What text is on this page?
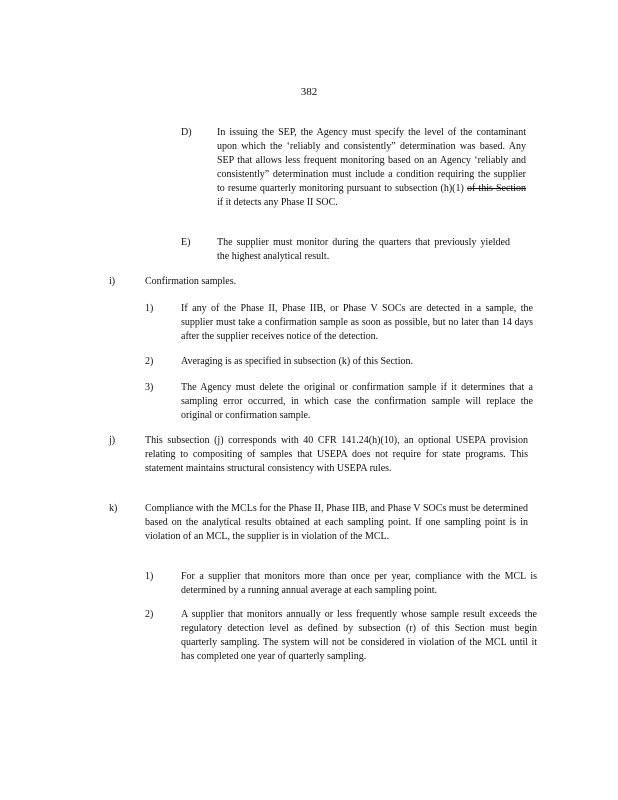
382
D)	In issuing the SEP, the Agency must specify the level of the contaminant upon which the ‘reliably and consistently” determination was based. Any SEP that allows less frequent monitoring based on an Agency ‘reliably and consistently” determination must include a condition requiring the supplier to resume quarterly monitoring pursuant to subsection (h)(1) of this Section if it detects any Phase II SOC.
E)	The supplier must monitor during the quarters that previously yielded the highest analytical result.
i)	Confirmation samples.
1)	If any of the Phase II, Phase IIB, or Phase V SOCs are detected in a sample, the supplier must take a confirmation sample as soon as possible, but no later than 14 days after the supplier receives notice of the detection.
2)	Averaging is as specified in subsection (k) of this Section.
3)	The Agency must delete the original or confirmation sample if it determines that a sampling error occurred, in which case the confirmation sample will replace the original or confirmation sample.
j)	This subsection (j) corresponds with 40 CFR 141.24(h)(10), an optional USEPA provision relating to compositing of samples that USEPA does not require for state programs. This statement maintains structural consistency with USEPA rules.
k)	Compliance with the MCLs for the Phase II, Phase IIB, and Phase V SOCs must be determined based on the analytical results obtained at each sampling point. If one sampling point is in violation of an MCL, the supplier is in violation of the MCL.
1)	For a supplier that monitors more than once per year, compliance with the MCL is determined by a running annual average at each sampling point.
2)	A supplier that monitors annually or less frequently whose sample result exceeds the regulatory detection level as defined by subsection (r) of this Section must begin quarterly sampling. The system will not be considered in violation of the MCL until it has completed one year of quarterly sampling.
